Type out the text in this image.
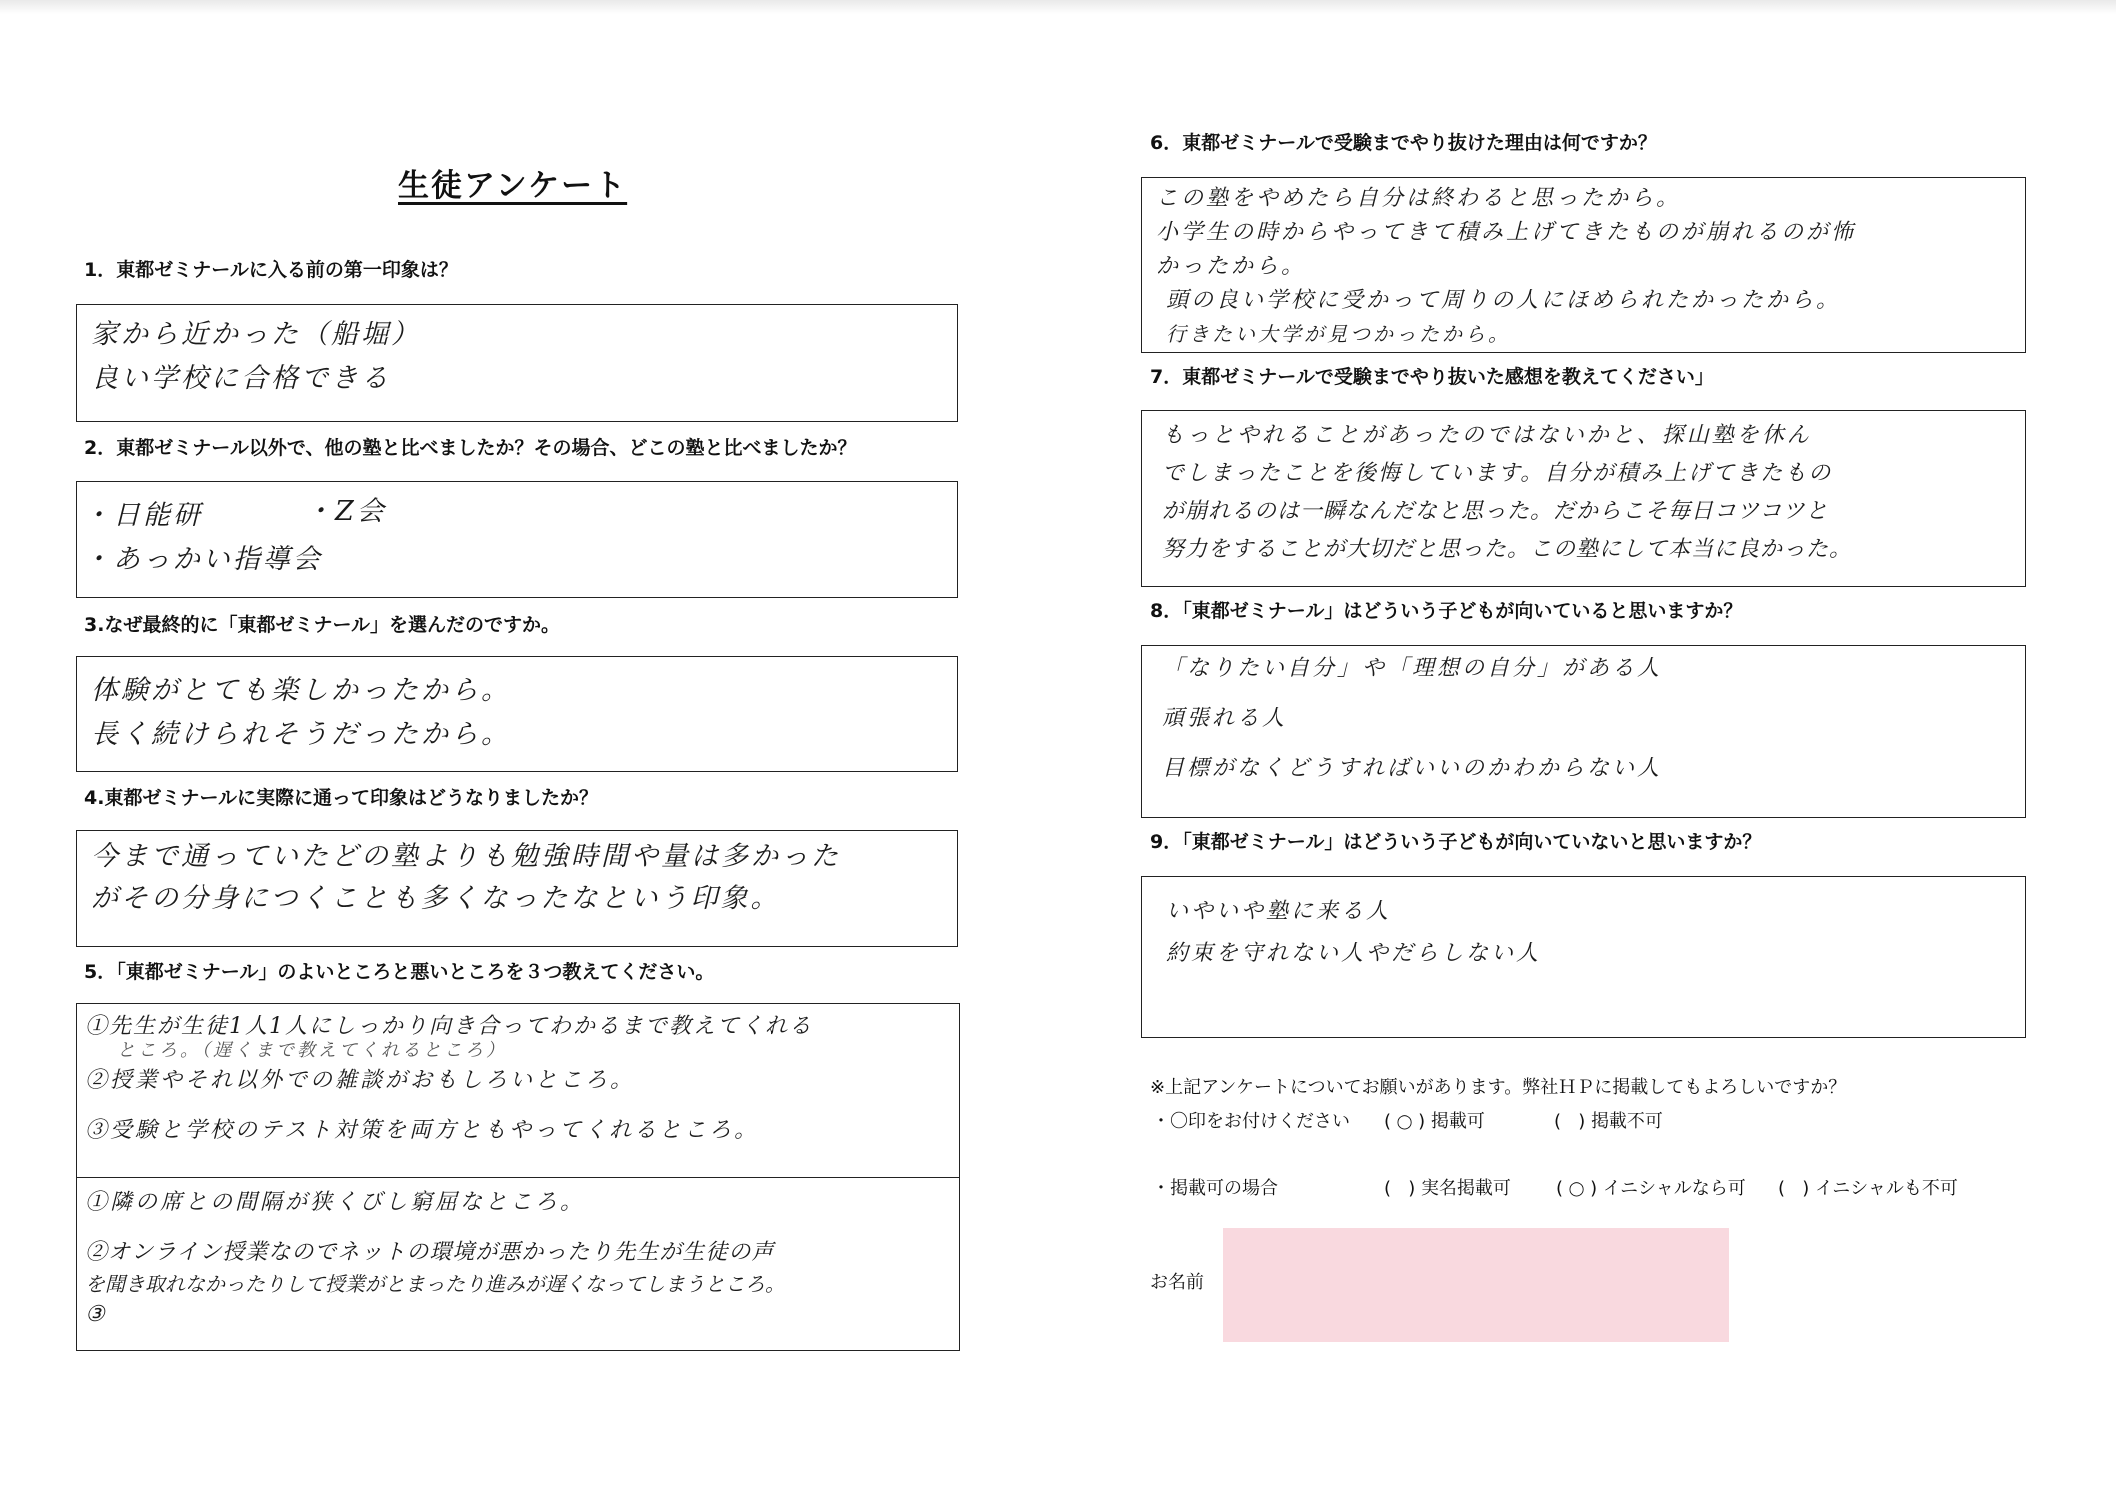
生徒アンケート
1．東都ゼミナールに入る前の第一印象は？
家から近かった（船堀）
良い学校に合格できる
2．東都ゼミナール以外で、他の塾と比べましたか？その場合、どこの塾と比べましたか？
・日能研	・Z会
・あっかい指導会
3.なぜ最終的に「東都ゼミナール」を選んだのですか。
体験がとても楽しかったから。
長く続けられそうだったから。
4.東都ゼミナールに実際に通って印象はどうなりましたか？
今まで通っていたどの塾よりも勉強時間や量は多かった
がその分身につくことも多くなったなという印象。
5．「東都ゼミナール」のよいところと悪いところを３つ教えてください。
①先生が生徒1人1人にしっかり向き合ってわかるまで教えてくれる
ところ。（遅くまで教えてくれるところ）
②授業やそれ以外での雑談がおもしろいところ。
③受験と学校のテスト対策を両方ともやってくれるところ。
①隣の席との間隔が狭くびし窮屈なところ。
②オンライン授業なのでネットの環境が悪かったり先生が生徒の声
を聞き取れなかったりして授業がとまったり進みが遅くなってしまうところ。
③
6．東都ゼミナールで受験までやり抜けた理由は何ですか？
この塾をやめたら自分は終わると思ったから。
小学生の時からやってきて積み上げてきたものが崩れるのが怖
かったから。
頭の良い学校に受かって周りの人にほめられたかったから。
行きたい大学が見つかったから。
7．東都ゼミナールで受験までやり抜いた感想を教えてください」
もっとやれることがあったのではないかと、探山塾を休ん
でしまったことを後悔しています。自分が積み上げてきたもの
が崩れるのは一瞬なんだなと思った。だからこそ毎日コツコツと
努力をすることが大切だと思った。この塾にして本当に良かった。
8．「東都ゼミナール」はどういう子どもが向いていると思いますか？
「なりたい自分」や「理想の自分」がある人
頑張れる人
目標がなくどうすればいいのかわからない人
9．「東都ゼミナール」はどういう子どもが向いていないと思いますか？
いやいや塾に来る人
約束を守れない人やだらしない人
※上記アンケートについてお願いがあります。弊社ＨＰに掲載してもよろしいですか？
・〇印をお付けください ( ◯ ) 掲載可	(   ) 掲載不可
・掲載可の場合	(   ) 実名掲載可	( ◯ ) イニシャルなら可 (   ) イニシャルも不可
お名前
